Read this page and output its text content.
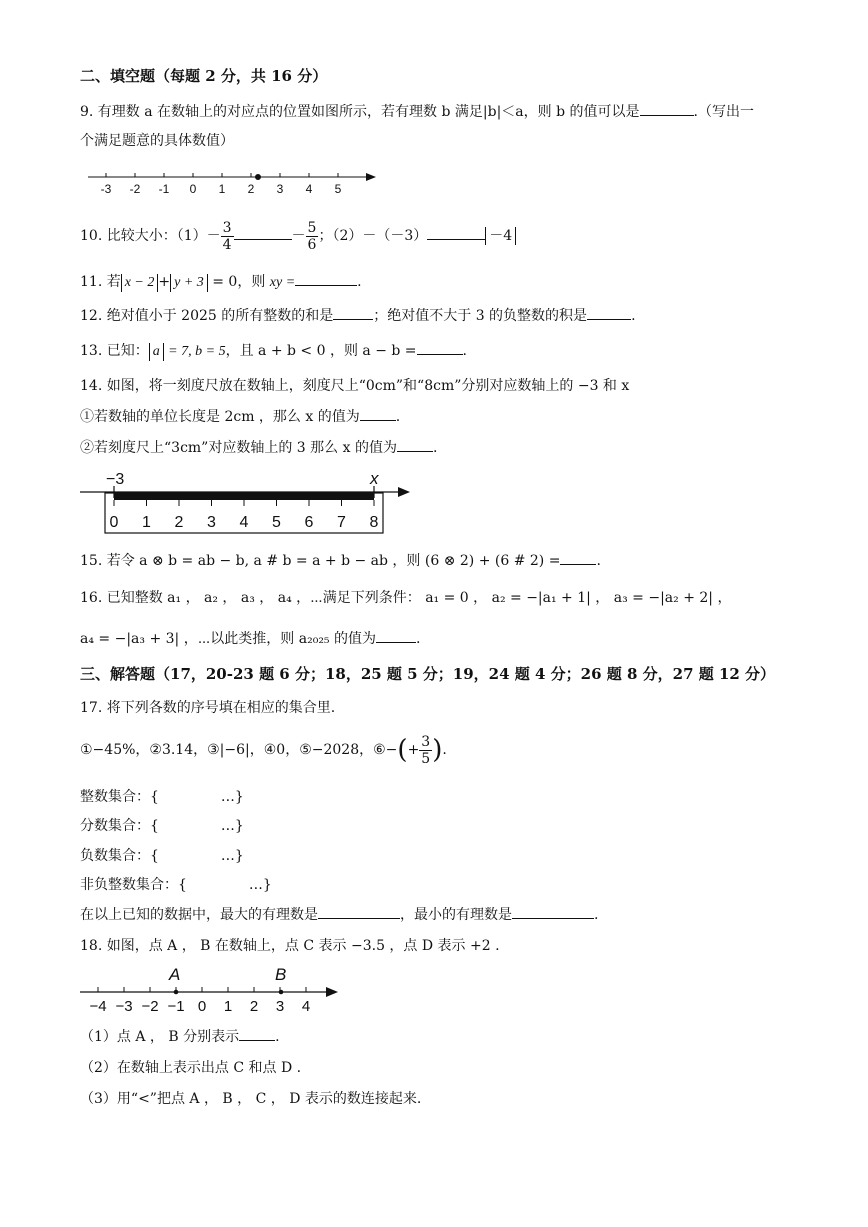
二、填空题（每题 2 分，共 16 分）
9. 有理数 a 在数轴上的对应点的位置如图所示，若有理数 b 满足|b|＜a，则 b 的值可以是	.（写出一
个满足题意的具体数值）
-3 -2 -1 0 1 2 3 4 5
10. 比较大小：$(1)- \frac{3}{4}$	－ $\frac{5}{6}$ ；（2）－（－3）	－4
11. 若 x − 2 + y + 3 = 0，则 xy =	.
12. 绝对值小于 2025 的所有整数的和是	；绝对值不大于 3 的负整数的积是	.
13. 已知： a = 7, b = 5，且 a + b < 0 ，则 a − b =	.
14. 如图，将一刻度尺放在数轴上，刻度尺上“0cm”和“8cm”分别对应数轴上的 −3 和 x
①若数轴的单位长度是 2cm ，那么 x 的值为	.
②若刻度尺上“3cm”对应数轴上的 3 那么 x 的值为	.
−3	x
0 1 2 3 4 5 6 7 8
15. 若令 a ⊗ b = ab − b, a # b = a + b − ab ，则 (6 ⊗ 2) + (6 # 2) =	.
16. 已知整数 a₁ ， a₂ ， a₃ ， a₄ ，⋯满足下列条件： a₁ = 0 ， a₂ = −|a₁ + 1| ， a₃ = −|a₂ + 2| ，
a₄ = −|a₃ + 3| ，⋯以此类推，则 a₂₀₂₅ 的值为	.
三、解答题（17，20-23 题 6 分；18，25 题 5 分；19，24 题 4 分；26 题 8 分，27 题 12 分）
17. 将下列各数的序号填在相应的集合里.
①−45%，②3.14，③|−6|，④0，⑤−2028，⑥−(+ $\frac{3}{5}$ ).
整数集合：{	…}
分数集合：{	…}
负数集合：{	…}
非负整数集合：{	…}
在以上已知的数据中，最大的有理数是	，最小的有理数是	.
18. 如图，点 A ， B 在数轴上，点 C 表示 −3.5 ，点 D 表示 +2 .
A	B
−4 −3 −2 −1 0 1 2 3 4
（1）点 A ， B 分别表示	.
（2）在数轴上表示出点 C 和点 D .
（3）用“<”把点 A ， B ， C ， D 表示的数连接起来.
